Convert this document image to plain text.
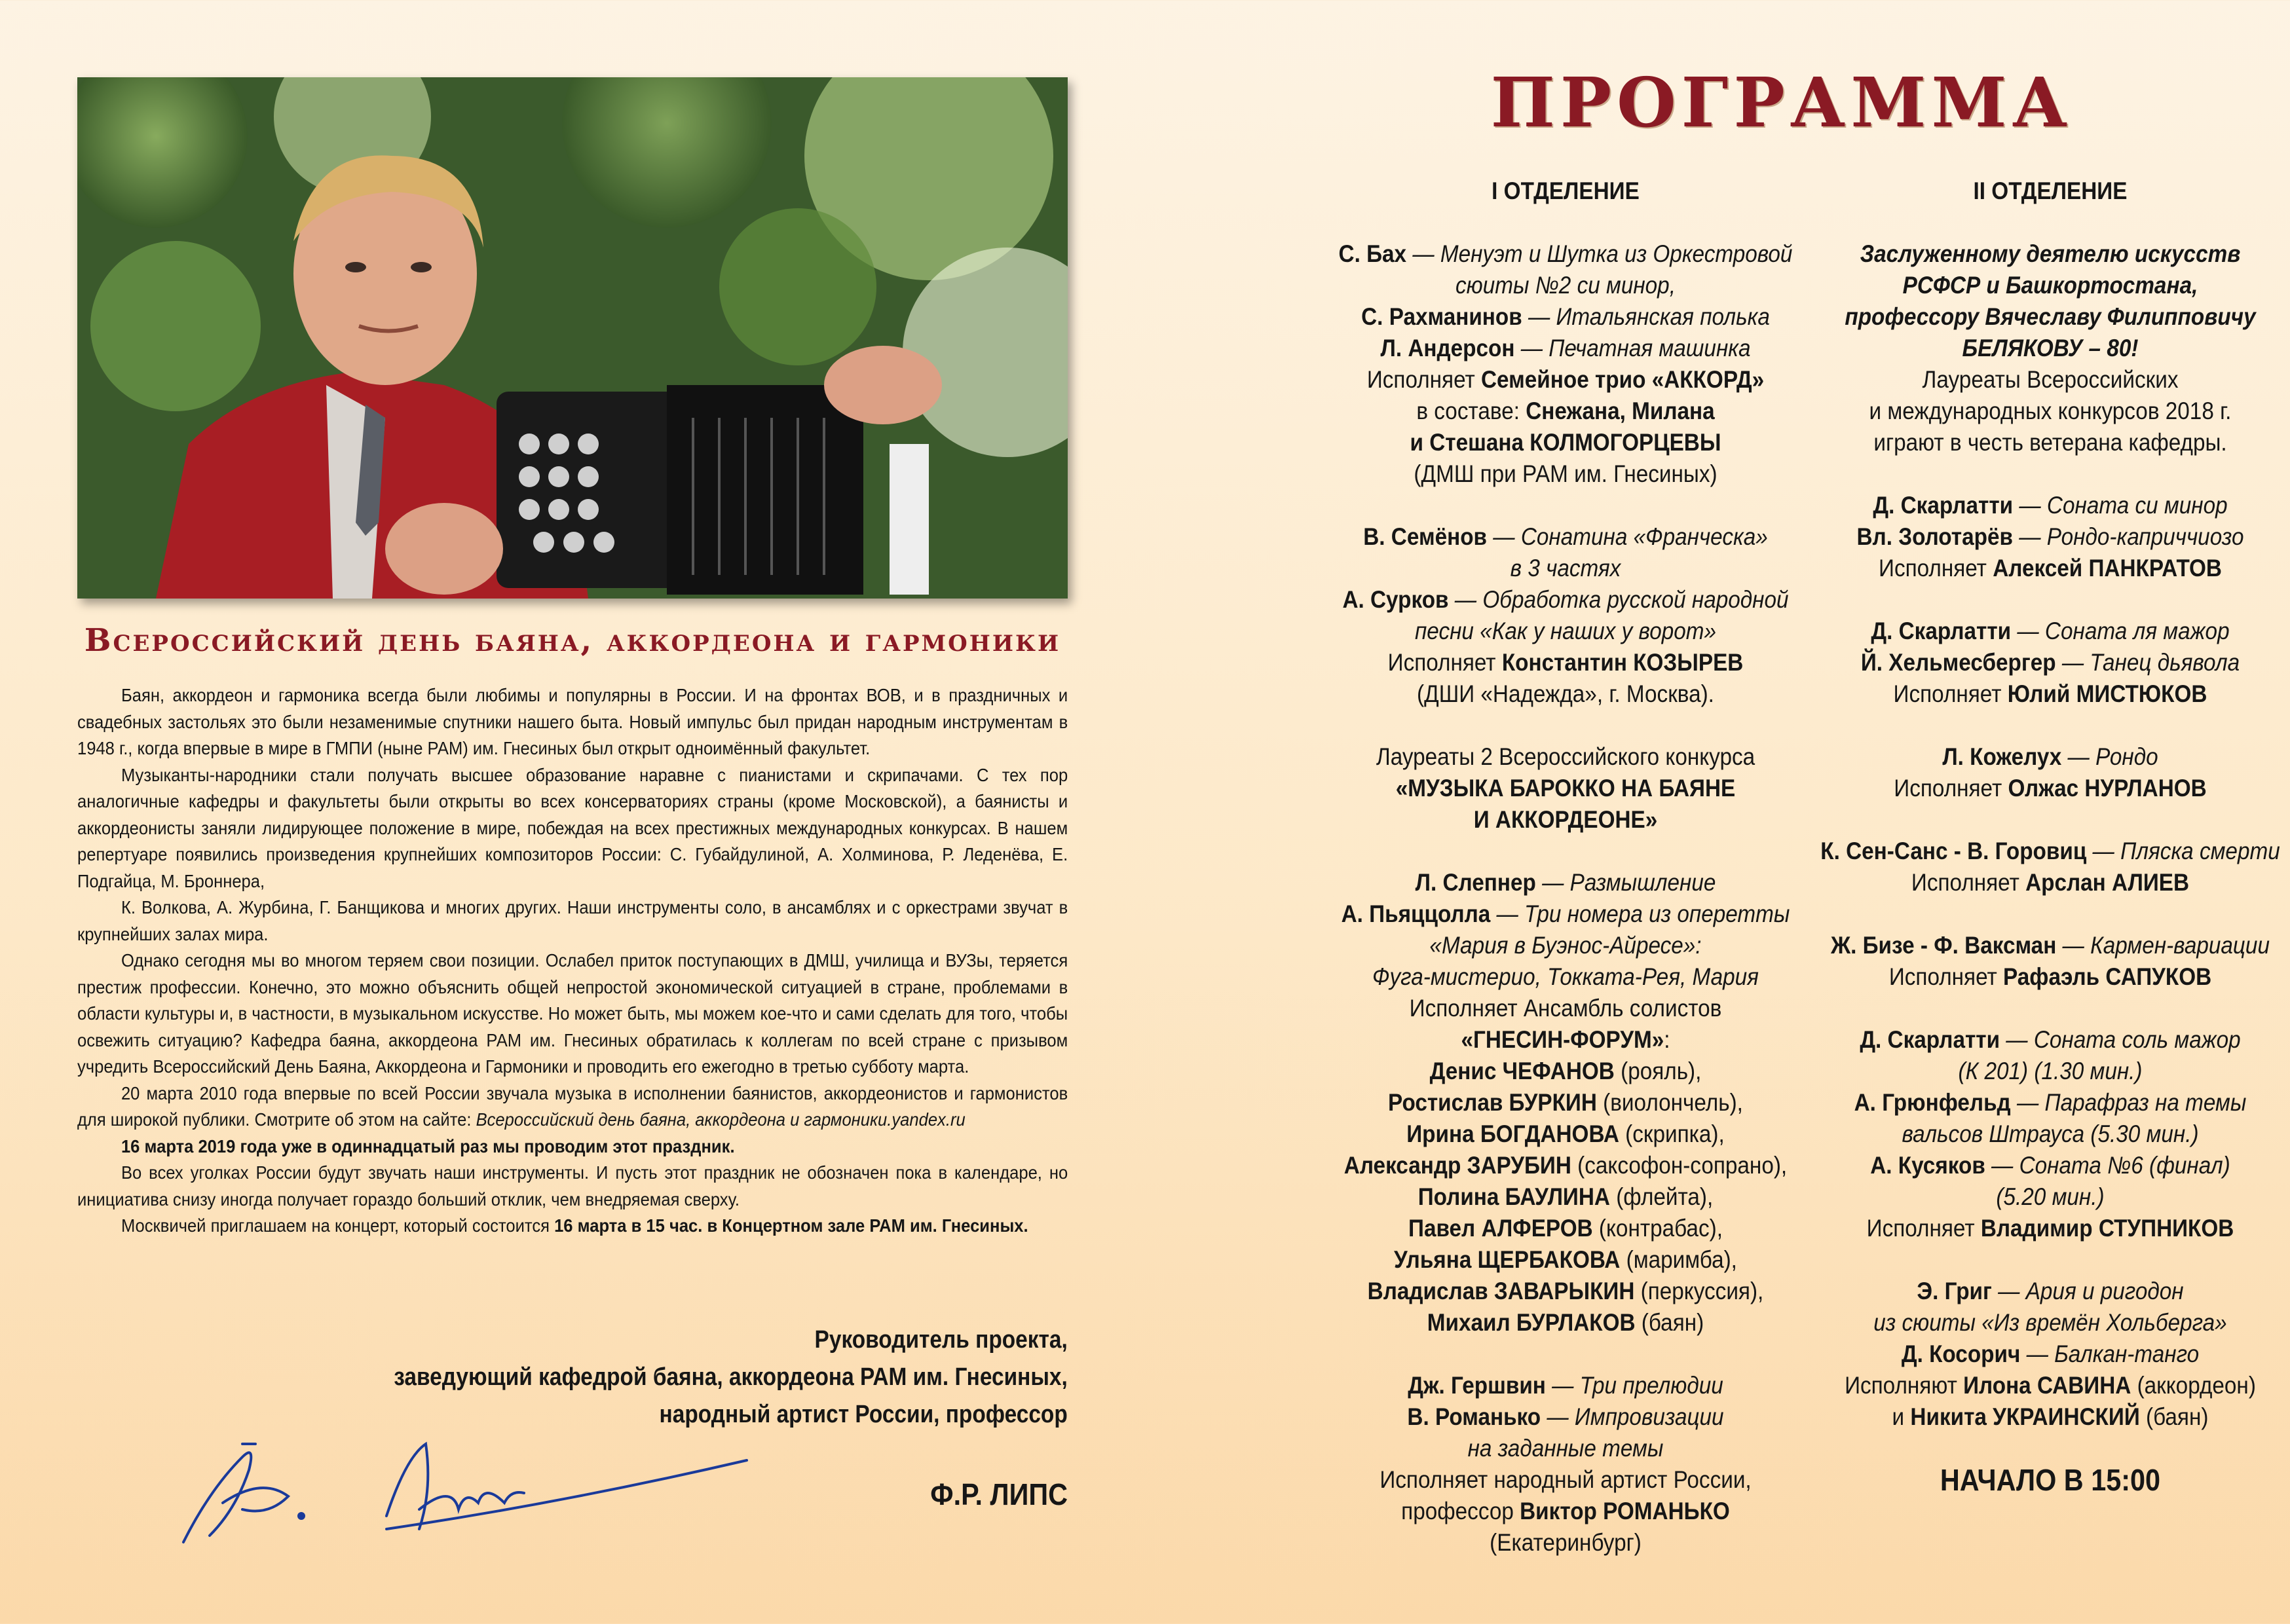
Всероссийский день баяна, аккордеона и гармоники

Баян, аккордеон и гармоника всегда были любимы и популярны в России. И на фронтах ВОВ, и в праздничных и свадебных застольях это были незаменимые спутники нашего быта. Новый импульс был придан народным инструментам в 1948 г., когда впервые в мире в ГМПИ (ныне РАМ) им. Гнесиных был открыт одноимённый факультет.

Музыканты-народники стали получать высшее образование наравне с пианистами и скрипачами. С тех пор аналогичные кафедры и факультеты были открыты во всех консерваториях страны (кроме Московской), а баянисты и аккордеонисты заняли лидирующее положение в мире, побеждая на всех престижных международных конкурсах. В нашем репертуаре появились произведения крупнейших композиторов России: С. Губайдулиной, А. Холминова, Р. Леденёва, Е. Подгайца, М. Броннера,

К. Волкова, А. Журбина, Г. Банщикова и многих других. Наши инструменты соло, в ансамблях и с оркестрами звучат в крупнейших залах мира.

Однако сегодня мы во многом теряем свои позиции. Ослабел приток поступающих в ДМШ, училища и ВУЗы, теряется престиж профессии. Конечно, это можно объяснить общей непростой экономической ситуацией в стране, проблемами в области культуры и, в частности, в музыкальном искусстве. Но может быть, мы можем кое-что и сами сделать для того, чтобы освежить ситуацию? Кафедра баяна, аккордеона РАМ им. Гнесиных обратилась к коллегам по всей стране с призывом учредить Всероссийский День Баяна, Аккордеона и Гармоники и проводить его ежегодно в третью субботу марта.

20 марта 2010 года впервые по всей России звучала музыка в исполнении баянистов, аккордеонистов и гармонистов для широкой публики. Смотрите об этом на сайте: Всероссийский день баяна, аккордеона и гармоники.yandex.ru

16 марта 2019 года уже в одиннадцатый раз мы проводим этот праздник.

Во всех уголках России будут звучать наши инструменты. И пусть этот праздник не обозначен пока в календаре, но инициатива снизу иногда получает гораздо больший отклик, чем внедряемая сверху.

Москвичей приглашаем на концерт, который состоится 16 марта в 15 час. в Концертном зале РАМ им. Гнесиных.

Руководитель проекта,
заведующий кафедрой баяна, аккордеона РАМ им. Гнесиных,
народный артист России, профессор
Ф.Р. ЛИПС
ПРОГРАММА
I ОТДЕЛЕНИЕ
С. Бах — Менуэт и Шутка из Оркестровой
сюиты №2 си минор,
С. Рахманинов — Итальянская полька
Л. Андерсон — Печатная машинка
Исполняет Семейное трио «АККОРД»
в составе: Снежана, Милана
и Стешана КОЛМОГОРЦЕВЫ
(ДМШ при РАМ им. Гнесиных)
В. Семёнов — Сонатина «Франческа»
в 3 частях
А. Сурков — Обработка русской народной
песни «Как у наших у ворот»
Исполняет Константин КОЗЫРЕВ
(ДШИ «Надежда», г. Москва).
Лауреаты 2 Всероссийского конкурса
«МУЗЫКА БАРОККО НА БАЯНЕ
И АККОРДЕОНЕ»
Л. Слепнер — Размышление
А. Пьяццолла — Три номера из оперетты
«Мария в Буэнос-Айресе»:
Фуга-мистерио, Токката-Рея, Мария
Исполняет Ансамбль солистов
«ГНЕСИН-ФОРУМ»:
Денис ЧЕФАНОВ (рояль),
Ростислав БУРКИН (виолончель),
Ирина БОГДАНОВА (скрипка),
Александр ЗАРУБИН (саксофон-сопрано),
Полина БАУЛИНА (флейта),
Павел АЛФЕРОВ (контрабас),
Ульяна ЩЕРБАКОВА (маримба),
Владислав ЗАВАРЫКИН (перкуссия),
Михаил БУРЛАКОВ (баян)
Дж. Гершвин — Три прелюдии
В. Романько — Импровизации
на заданные темы
Исполняет народный артист России,
профессор Виктор РОМАНЬКО
(Екатеринбург)
II ОТДЕЛЕНИЕ
Заслуженному деятелю искусств
РСФСР и Башкортостана,
профессору Вячеславу Филипповичу
БЕЛЯКОВУ – 80!
Лауреаты Всероссийских
и международных конкурсов 2018 г.
играют в честь ветерана кафедры.
Д. Скарлатти — Соната си минор
Вл. Золотарёв — Рондо-каприччиозо
Исполняет Алексей ПАНКРАТОВ
Д. Скарлатти — Соната ля мажор
Й. Хельмесбергер — Танец дьявола
Исполняет Юлий МИСТЮКОВ
Л. Кожелух — Рондо
Исполняет Олжас НУРЛАНОВ
К. Сен-Санс - В. Горовиц — Пляска смерти
Исполняет Арслан АЛИЕВ
Ж. Бизе - Ф. Ваксман — Кармен-вариации
Исполняет Рафаэль САПУКОВ
Д. Скарлатти — Соната соль мажор
(К 201) (1.30 мин.)
А. Грюнфельд — Парафраз на темы
вальсов Штрауса (5.30 мин.)
А. Кусяков — Соната №6 (финал)
(5.20 мин.)
Исполняет Владимир СТУПНИКОВ
Э. Григ — Ария и ригодон
из сюиты «Из времён Хольберга»
Д. Косорич — Балкан-танго
Исполняют Илона САВИНА (аккордеон)
и Никита УКРАИНСКИЙ (баян)
НАЧАЛО В 15:00
